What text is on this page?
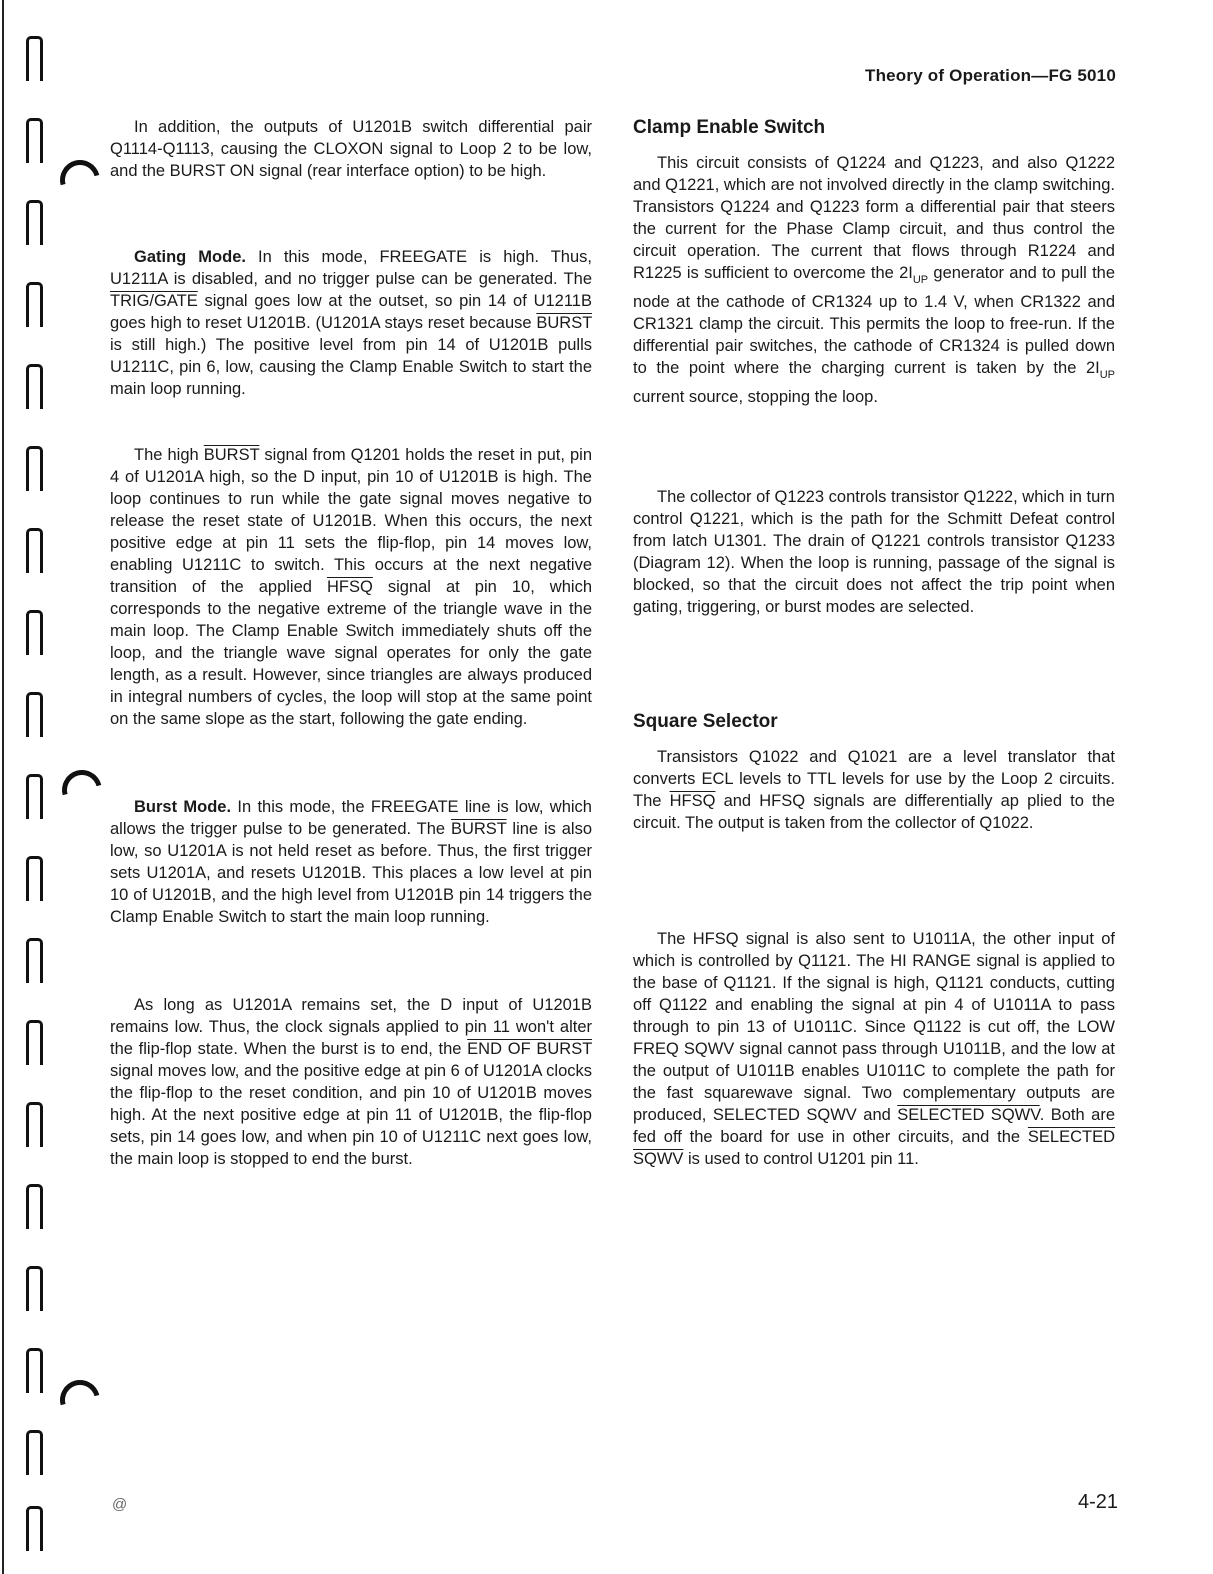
Theory of Operation—FG 5010

In addition, the outputs of U1201B switch differential pair Q1114-Q1113, causing the CLOXON signal to Loop 2 to be low, and the BURST ON signal (rear interface option) to be high.

Gating Mode. In this mode, FREEGATE is high. Thus, U1211A is disabled, and no trigger pulse can be generated. The TRIG/GATE signal goes low at the outset, so pin 14 of U1211B goes high to reset U1201B. (U1201A stays reset because BURST is still high.) The positive level from pin 14 of U1201B pulls U1211C, pin 6, low, causing the Clamp Enable Switch to start the main loop running.

The high BURST signal from Q1201 holds the reset in put, pin 4 of U1201A high, so the D input, pin 10 of U1201B is high. The loop continues to run while the gate signal moves negative to release the reset state of U1201B. When this occurs, the next positive edge at pin 11 sets the flip-flop, pin 14 moves low, enabling U1211C to switch. This occurs at the next negative transition of the applied HFSQ signal at pin 10, which corresponds to the negative extreme of the triangle wave in the main loop. The Clamp Enable Switch immediately shuts off the loop, and the triangle wave signal operates for only the gate length, as a result. However, since triangles are always produced in integral numbers of cycles, the loop will stop at the same point on the same slope as the start, following the gate ending.

Burst Mode. In this mode, the FREEGATE line is low, which allows the trigger pulse to be generated. The BURST line is also low, so U1201A is not held reset as before. Thus, the first trigger sets U1201A, and resets U1201B. This places a low level at pin 10 of U1201B, and the high level from U1201B pin 14 triggers the Clamp Enable Switch to start the main loop running.

As long as U1201A remains set, the D input of U1201B remains low. Thus, the clock signals applied to pin 11 won't alter the flip-flop state. When the burst is to end, the END OF BURST signal moves low, and the positive edge at pin 6 of U1201A clocks the flip-flop to the reset condition, and pin 10 of U1201B moves high. At the next positive edge at pin 11 of U1201B, the flip-flop sets, pin 14 goes low, and when pin 10 of U1211C next goes low, the main loop is stopped to end the burst.

Clamp Enable Switch

This circuit consists of Q1224 and Q1223, and also Q1222 and Q1221, which are not involved directly in the clamp switching. Transistors Q1224 and Q1223 form a differential pair that steers the current for the Phase Clamp circuit, and thus control the circuit operation. The current that flows through R1224 and R1225 is sufficient to overcome the $2I_{UP}$ generator and to pull the node at the cathode of CR1324 up to 1.4 V, when CR1322 and CR1321 clamp the circuit. This permits the loop to free-run. If the differential pair switches, the cathode of CR1324 is pulled down to the point where the charging current is taken by the $2I_{UP}$ current source, stopping the loop.

The collector of Q1223 controls transistor Q1222, which in turn control Q1221, which is the path for the Schmitt Defeat control from latch U1301. The drain of Q1221 controls transistor Q1233 (Diagram 12). When the loop is running, passage of the signal is blocked, so that the circuit does not affect the trip point when gating, triggering, or burst modes are selected.

Square Selector

Transistors Q1022 and Q1021 are a level translator that converts ECL levels to TTL levels for use by the Loop 2 circuits. The HFSQ and HFSQ signals are differentially ap plied to the circuit. The output is taken from the collector of Q1022.

The HFSQ signal is also sent to U1011A, the other input of which is controlled by Q1121. The HI RANGE signal is applied to the base of Q1121. If the signal is high, Q1121 conducts, cutting off Q1122 and enabling the signal at pin 4 of U1011A to pass through to pin 13 of U1011C. Since Q1122 is cut off, the LOW FREQ SQWV signal cannot pass through U1011B, and the low at the output of U1011B enables U1011C to complete the path for the fast squarewave signal. Two complementary outputs are produced, SELECTED SQWV and SELECTED SQWV. Both are fed off the board for use in other circuits, and the SELECTED SQWV is used to control U1201 pin 11.

@	4-21
